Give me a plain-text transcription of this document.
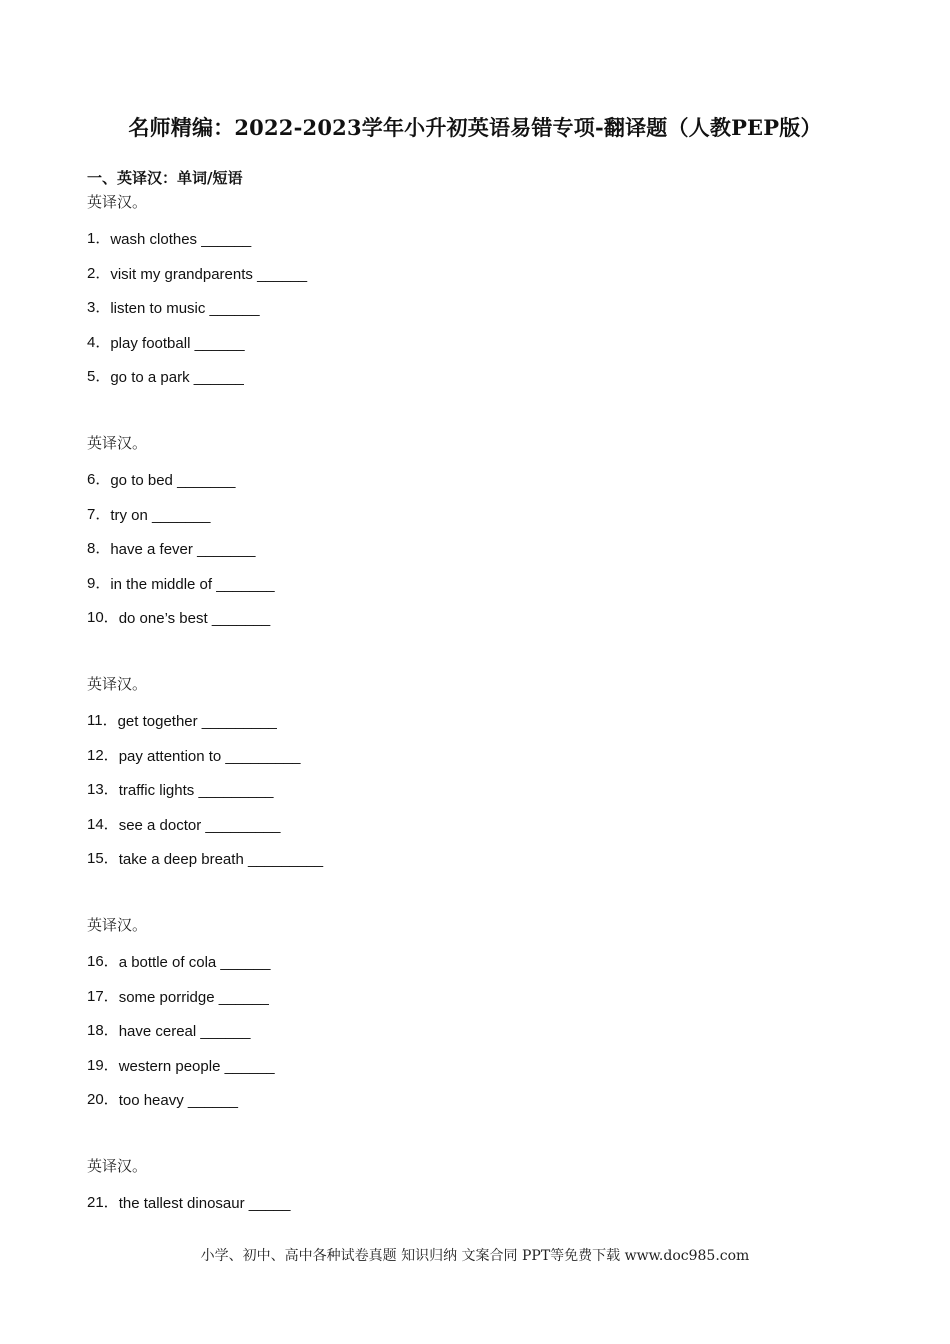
名师精编：2022-2023学年小升初英语易错专项-翻译题（人教PEP版）
一、英译汉：单词/短语
英译汉。
1． wash clothes ______
2． visit my grandparents ______
3． listen to music ______
4． play football ______
5． go to a park ______
英译汉。
6． go to bed _______
7． try on _______
8． have a fever _______
9． in the middle of _______
10． do one’s best _______
英译汉。
11． get together _________
12． pay attention to _________
13． traffic lights _________
14． see a doctor _________
15． take a deep breath _________
英译汉。
16． a bottle of cola ______
17． some porridge ______
18． have cereal ______
19． western people ______
20． too heavy ______
英译汉。
21． the tallest dinosaur _____
小学、初中、高中各种试卷真题 知识归纳 文案合同 PPT等免费下载 www.doc985.com
